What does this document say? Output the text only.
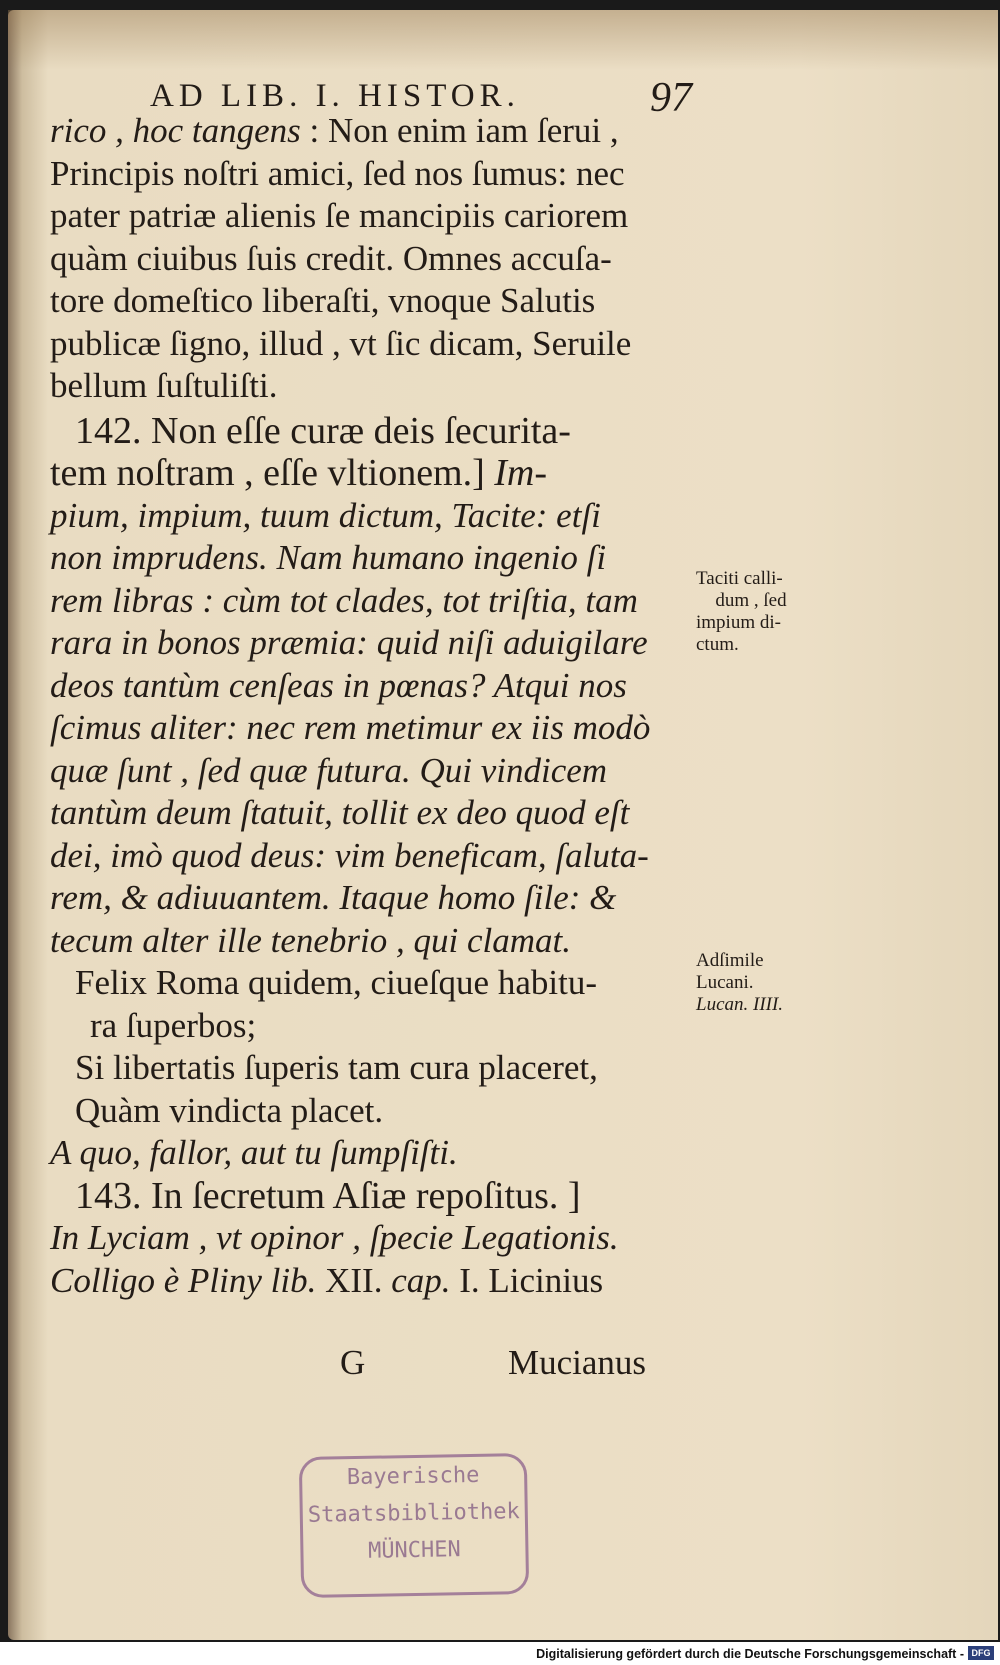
AD LIB. I. HISTOR.	97
rico , hoc tangens : Non enim iam ſerui ,
Principis noſtri amici, ſed nos ſumus: nec
pater patriæ alienis ſe mancipiis cariorem
quàm ciuibus ſuis credit. Omnes accuſa-
tore domeſtico liberaſti, vnoque Salutis
publicæ ſigno, illud , vt ſic dicam, Seruile
bellum ſuſtuliſti.
142. Non eſſe curæ deis ſecurita-
tem noſtram , eſſe vltionem.] Im-
pium, impium, tuum dictum, Tacite: etſi
non imprudens. Nam humano ingenio ſi
rem libras : cùm tot clades, tot triſtia, tam
rara in bonos præmia: quid niſi aduigilare
deos tantùm cenſeas in pœnas? Atqui nos
ſcimus aliter: nec rem metimur ex iis modò
quæ ſunt , ſed quæ futura. Qui vindicem
tantùm deum ſtatuit, tollit ex deo quod eſt
dei, imò quod deus: vim beneficam, ſaluta-
rem, & adiuuantem. Itaque homo ſile: &
tecum alter ille tenebrio , qui clamat.
Felix Roma quidem, ciueſque habitu-
ra ſuperbos;
Si libertatis ſuperis tam cura placeret,
Quàm vindicta placet.
A quo, fallor, aut tu ſumpſiſti.
143. In ſecretum Aſiæ repoſitus. ]
In Lyciam , vt opinor , ſpecie Legationis.
Colligo è Pliny lib. XII. cap. I. Licinius
Taciti calli-
dum , ſed
impium di-
ctum.
Adſimile
Lucani.
Lucan. IIII.
G	Mucianus
Bayerische
Staatsbibliothek
MÜNCHEN
Digitalisierung gefördert durch die Deutsche Forschungsgemeinschaft - DFG
